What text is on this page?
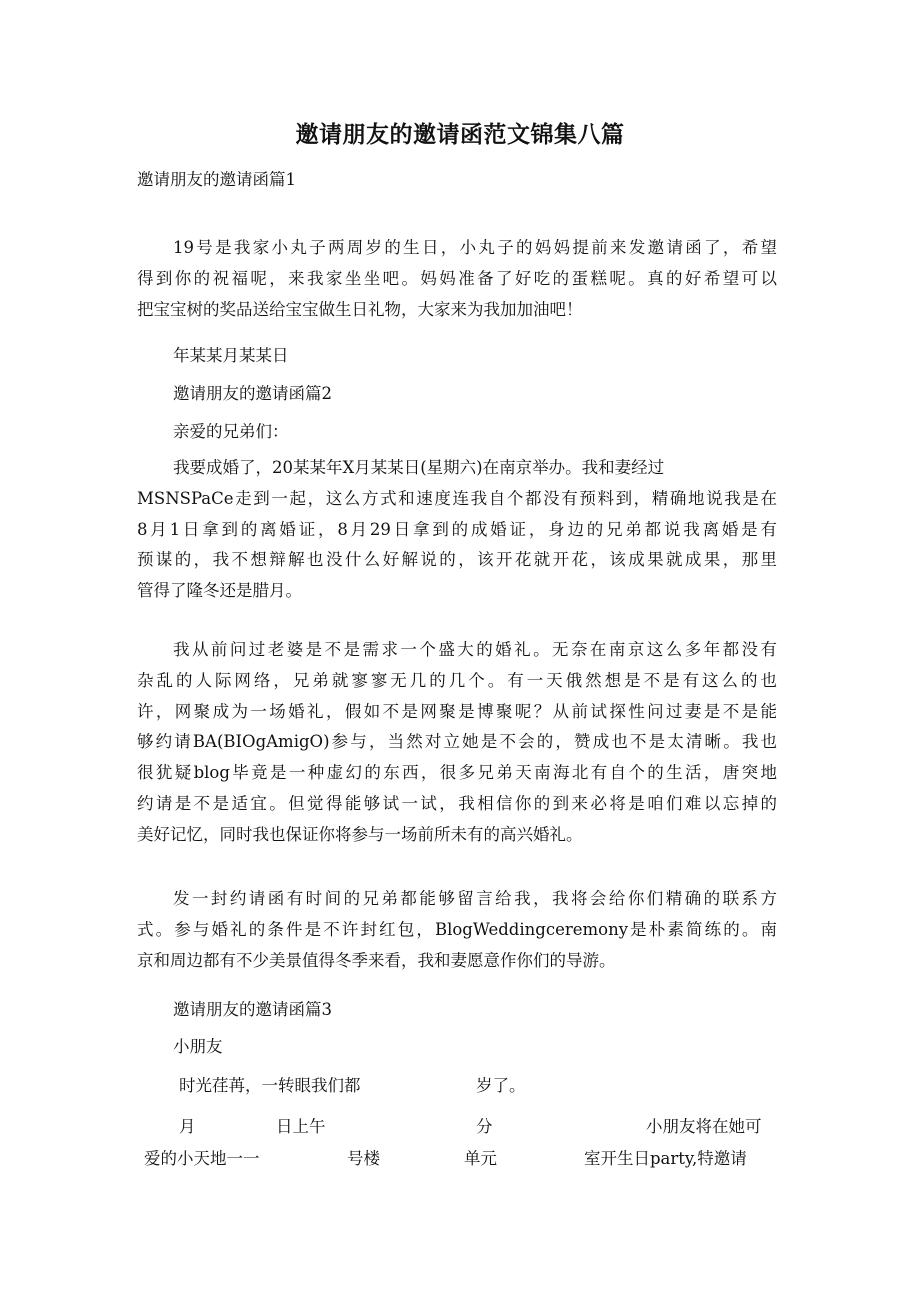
邀请朋友的邀请函范文锦集八篇
邀请朋友的邀请函篇1
19号是我家小丸子两周岁的生日，小丸子的妈妈提前来发邀请函了，希望
得到你的祝福呢，来我家坐坐吧。妈妈准备了好吃的蛋糕呢。真的好希望可以
把宝宝树的奖品送给宝宝做生日礼物，大家来为我加加油吧！
年某某月某某日
邀请朋友的邀请函篇2
亲爱的兄弟们：
我要成婚了，20某某年X月某某日(星期六)在南京举办。我和妻经过
MSNSPaCe走到一起，这么方式和速度连我自个都没有预料到，精确地说我是在
8月1日拿到的离婚证，8月29日拿到的成婚证，身边的兄弟都说我离婚是有
预谋的，我不想辩解也没什么好解说的，该开花就开花，该成果就成果，那里
管得了隆冬还是腊月。
我从前问过老婆是不是需求一个盛大的婚礼。无奈在南京这么多年都没有
杂乱的人际网络，兄弟就寥寥无几的几个。有一天俄然想是不是有这么的也
许，网聚成为一场婚礼，假如不是网聚是博聚呢？从前试探性问过妻是不是能
够约请BA(BIOgAmigO)参与，当然对立她是不会的，赞成也不是太清晰。我也
很犹疑blog毕竟是一种虚幻的东西，很多兄弟天南海北有自个的生活，唐突地
约请是不是适宜。但觉得能够试一试，我相信你的到来必将是咱们难以忘掉的
美好记忆，同时我也保证你将参与一场前所未有的高兴婚礼。
发一封约请函有时间的兄弟都能够留言给我，我将会给你们精确的联系方
式。参与婚礼的条件是不许封红包，BlogWeddingceremony是朴素简练的。南
京和周边都有不少美景值得冬季来看，我和妻愿意作你们的导游。
邀请朋友的邀请函篇3
小朋友
时光荏苒，一转眼我们都	岁了。
月	日上午	分	小朋友将在她可
爱的小天地一一	号楼	单元	室开生日party,特邀请
